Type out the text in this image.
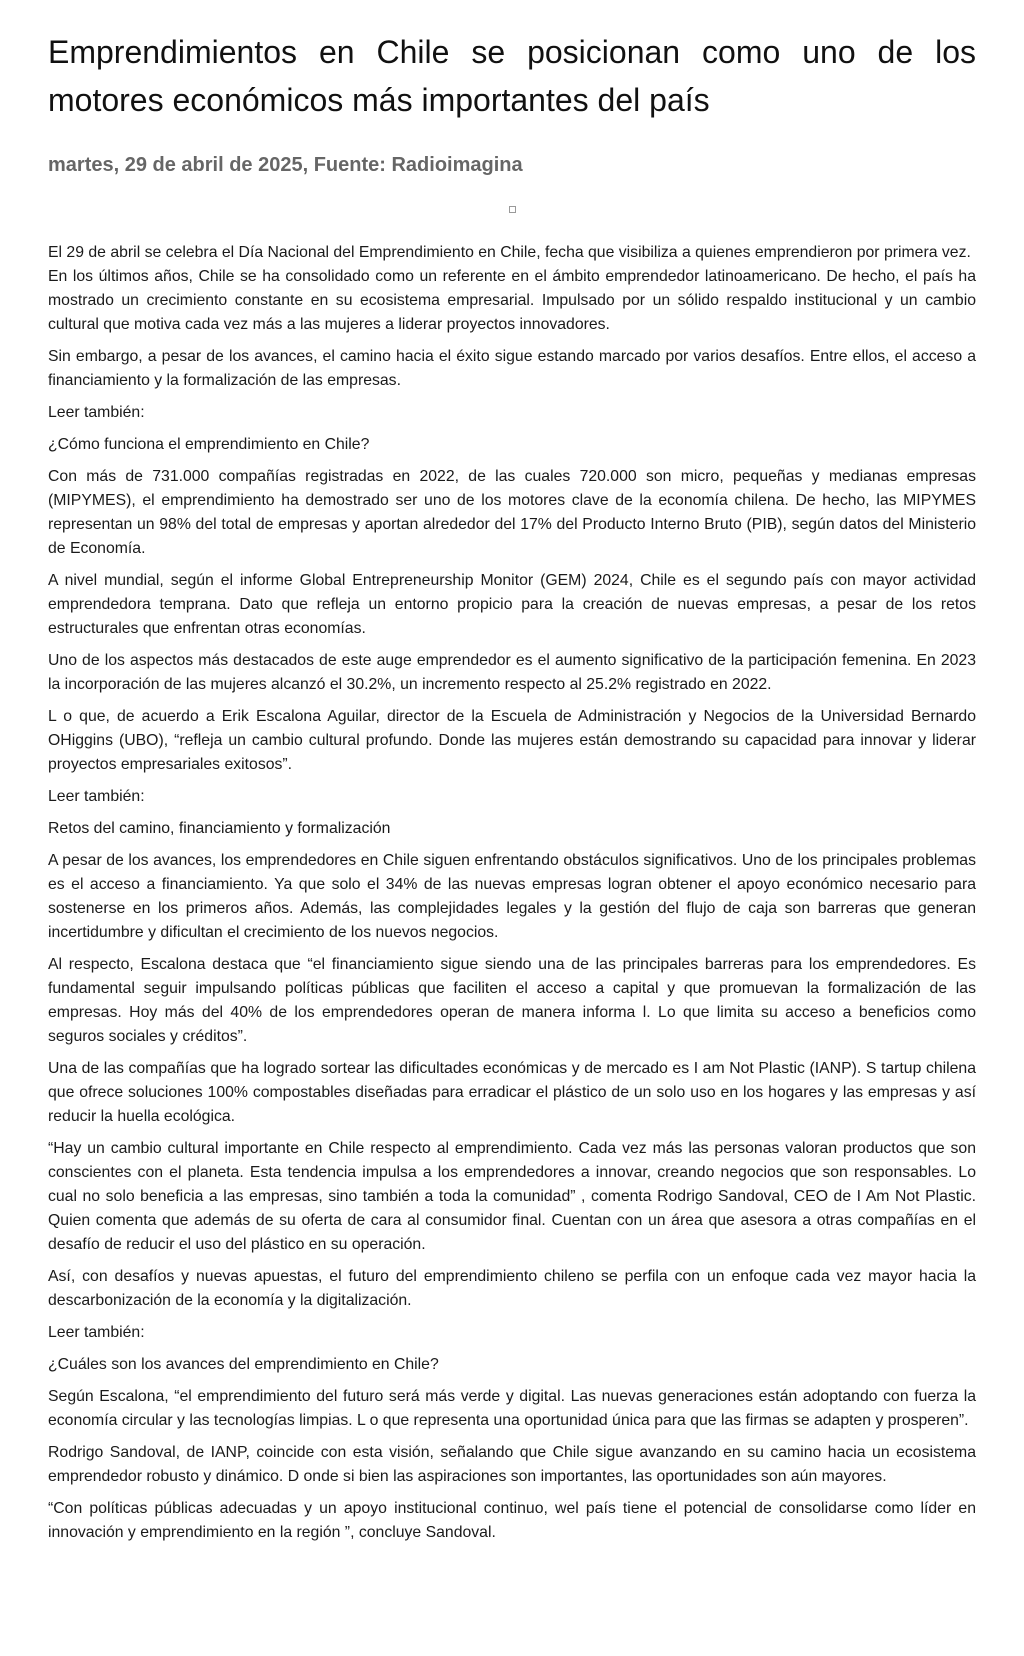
Emprendimientos en Chile se posicionan como uno de los motores económicos más importantes del país
martes, 29 de abril de 2025, Fuente: Radioimagina

El 29 de abril se celebra el Día Nacional del Emprendimiento en Chile, fecha que visibiliza a quienes emprendieron por primera vez.

En los últimos años, Chile se ha consolidado como un referente en el ámbito emprendedor latinoamericano. De hecho, el país ha mostrado un crecimiento constante en su ecosistema empresarial. Impulsado por un sólido respaldo institucional y un cambio cultural que motiva cada vez más a las mujeres a liderar proyectos innovadores.

Sin embargo, a pesar de los avances, el camino hacia el éxito sigue estando marcado por varios desafíos. Entre ellos, el acceso a financiamiento y la formalización de las empresas.

Leer también:

¿Cómo funciona el emprendimiento en Chile?

Con más de 731.000 compañías registradas en 2022, de las cuales 720.000 son micro, pequeñas y medianas empresas (MIPYMES), el emprendimiento ha demostrado ser uno de los motores clave de la economía chilena. De hecho, las MIPYMES representan un 98% del total de empresas y aportan alrededor del 17% del Producto Interno Bruto (PIB), según datos del Ministerio de Economía.

A nivel mundial, según el informe Global Entrepreneurship Monitor (GEM) 2024, Chile es el segundo país con mayor actividad emprendedora temprana. Dato que refleja un entorno propicio para la creación de nuevas empresas, a pesar de los retos estructurales que enfrentan otras economías.

Uno de los aspectos más destacados de este auge emprendedor es el aumento significativo de la participación femenina. En 2023 la incorporación de las mujeres alcanzó el 30.2%, un incremento respecto al 25.2% registrado en 2022.

L o que, de acuerdo a Erik Escalona Aguilar, director de la Escuela de Administración y Negocios de la Universidad Bernardo OHiggins (UBO), “refleja un cambio cultural profundo. Donde las mujeres están demostrando su capacidad para innovar y liderar proyectos empresariales exitosos”.

Leer también:

Retos del camino, financiamiento y formalización

A pesar de los avances, los emprendedores en Chile siguen enfrentando obstáculos significativos. Uno de los principales problemas es el acceso a financiamiento. Ya que solo el 34% de las nuevas empresas logran obtener el apoyo económico necesario para sostenerse en los primeros años. Además, las complejidades legales y la gestión del flujo de caja son barreras que generan incertidumbre y dificultan el crecimiento de los nuevos negocios.

Al respecto, Escalona destaca que “el financiamiento sigue siendo una de las principales barreras para los emprendedores. Es fundamental seguir impulsando políticas públicas que faciliten el acceso a capital y que promuevan la formalización de las empresas. Hoy más del 40% de los emprendedores operan de manera informa l. Lo que limita su acceso a beneficios como seguros sociales y créditos”.

Una de las compañías que ha logrado sortear las dificultades económicas y de mercado es I am Not Plastic (IANP). S tartup chilena que ofrece soluciones 100% compostables diseñadas para erradicar el plástico de un solo uso en los hogares y las empresas y así reducir la huella ecológica.

“Hay un cambio cultural importante en Chile respecto al emprendimiento. Cada vez más las personas valoran productos que son conscientes con el planeta. Esta tendencia impulsa a los emprendedores a innovar, creando negocios que son responsables. Lo cual no solo beneficia a las empresas, sino también a toda la comunidad” , comenta Rodrigo Sandoval, CEO de I Am Not Plastic. Quien comenta que además de su oferta de cara al consumidor final. Cuentan con un área que asesora a otras compañías en el desafío de reducir el uso del plástico en su operación.

Así, con desafíos y nuevas apuestas, el futuro del emprendimiento chileno se perfila con un enfoque cada vez mayor hacia la descarbonización de la economía y la digitalización.

Leer también:

¿Cuáles son los avances del emprendimiento en Chile?

Según Escalona, “el emprendimiento del futuro será más verde y digital. Las nuevas generaciones están adoptando con fuerza la economía circular y las tecnologías limpias. L o que representa una oportunidad única para que las firmas se adapten y prosperen”.

Rodrigo Sandoval, de IANP, coincide con esta visión, señalando que Chile sigue avanzando en su camino hacia un ecosistema emprendedor robusto y dinámico. D onde si bien las aspiraciones son importantes, las oportunidades son aún mayores.

“Con políticas públicas adecuadas y un apoyo institucional continuo, wel país tiene el potencial de consolidarse como líder en innovación y emprendimiento en la región ”, concluye Sandoval.
